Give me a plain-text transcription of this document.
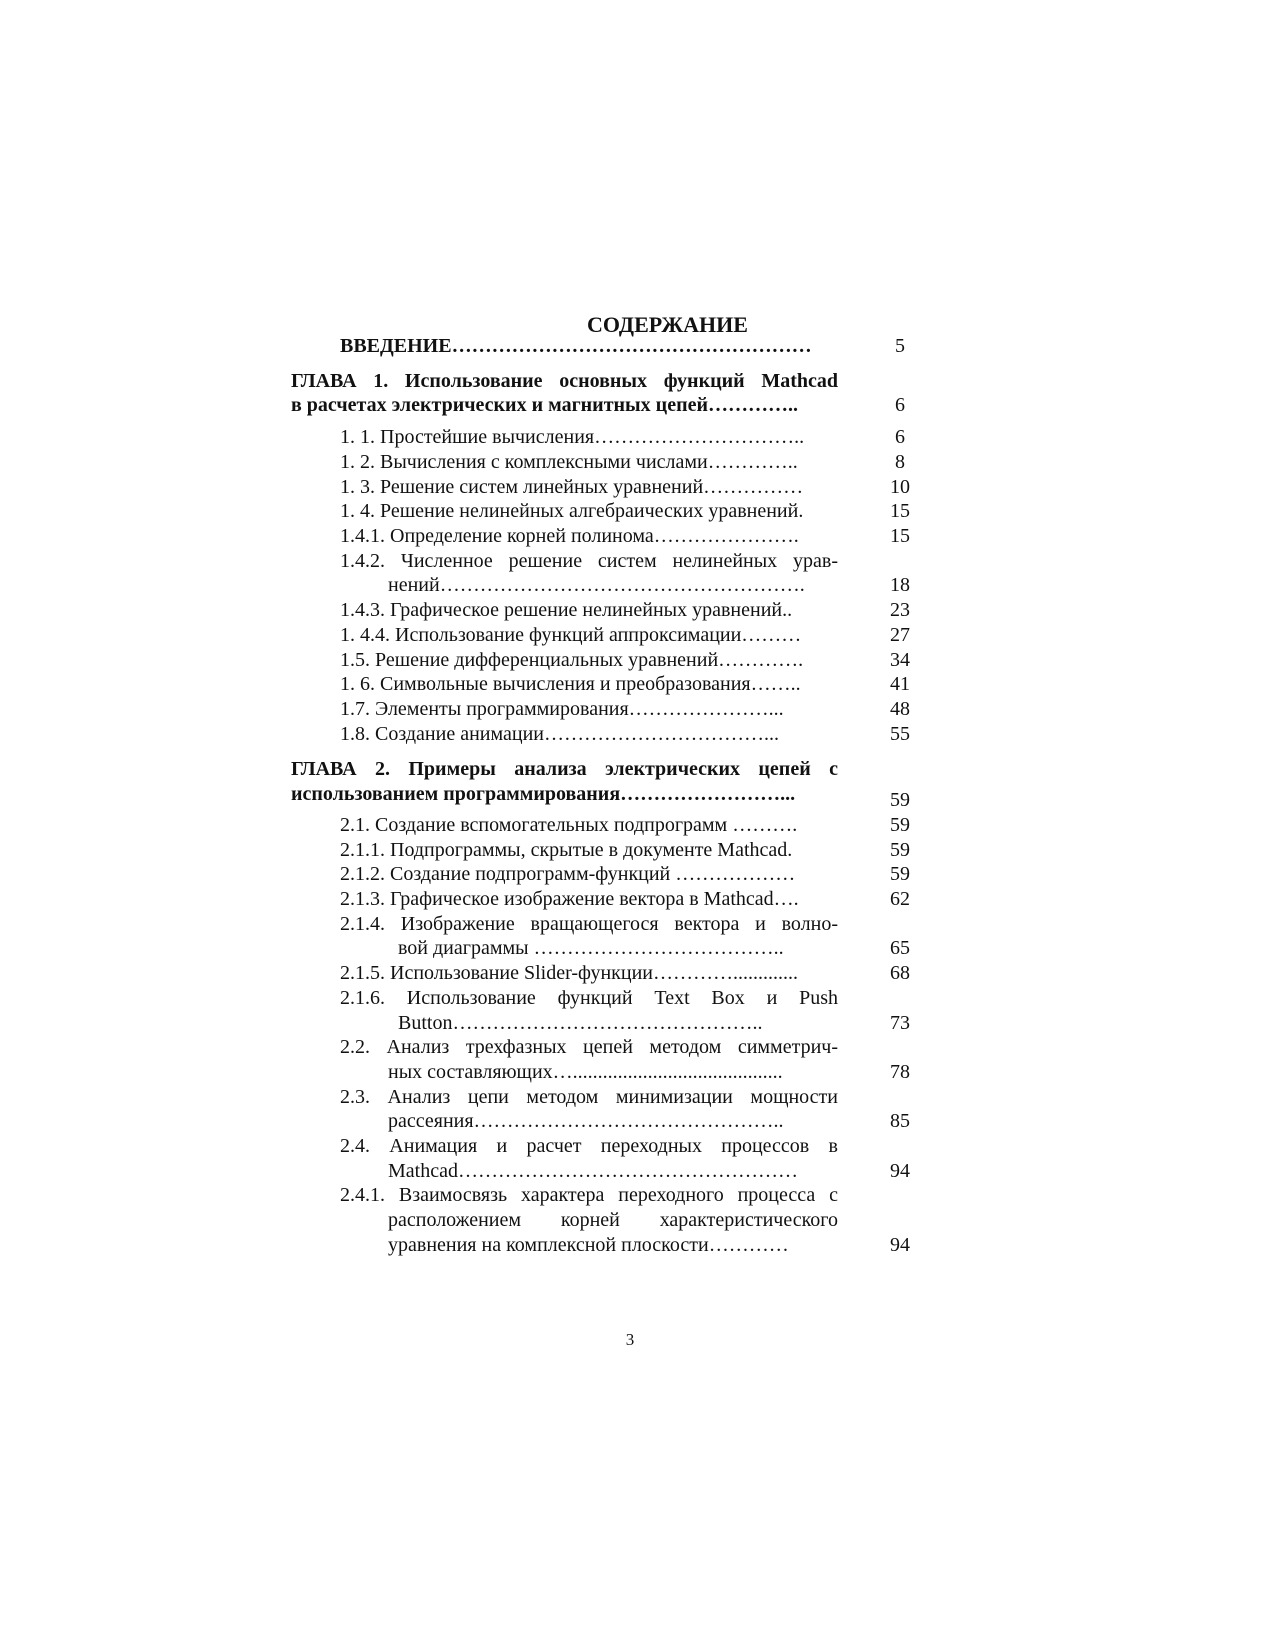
СОДЕРЖАНИЕ
ВВЕДЕНИЕ………………………………………………	5
ГЛАВА 1. Использование основных функций Mathcad
в расчетах электрических и магнитных цепей…………..	6
1. 1. Простейшие вычисления…………………………..	6
1. 2. Вычисления с комплексными числами…………..	8
1. 3. Решение систем линейных уравнений……………	10
1. 4. Решение нелинейных алгебраических уравнений.	15
1.4.1. Определение корней полинома………………….	15
1.4.2. Численное решение систем нелинейных урав-
нений……………………………………………….	18
1.4.3. Графическое решение нелинейных уравнений..	23
1. 4.4. Использование функций аппроксимации………	27
1.5. Решение дифференциальных уравнений………….	34
1. 6. Символьные вычисления и преобразования……..	41
1.7. Элементы программирования…………………...	48
1.8. Создание анимации……………………………...	55
ГЛАВА 2. Примеры анализа электрических цепей с
использованием программирования……………………...	59
2.1. Создание вспомогательных подпрограмм ……….	59
2.1.1. Подпрограммы, скрытые в документе Mathcad.	59
2.1.2. Создание подпрограмм-функций ………………	59
2.1.3. Графическое изображение вектора в Mathcad….	62
2.1.4. Изображение вращающегося вектора и волно-
вой диаграммы ………………………………..	65
2.1.5. Использование Slider-функции………….............	68
2.1.6. Использование функций Text Box и Push
Button………………………………………..	73
2.2. Анализ трехфазных цепей методом симметрич-
ных составляющих…..........................................	78
2.3. Анализ цепи методом минимизации мощности
рассеяния………………………………………..	85
2.4. Анимация и расчет переходных процессов в
Mathcad……………………………………………	94
2.4.1. Взаимосвязь характера переходного процесса с
расположением корней характеристического
уравнения на комплексной плоскости…………	94
3
